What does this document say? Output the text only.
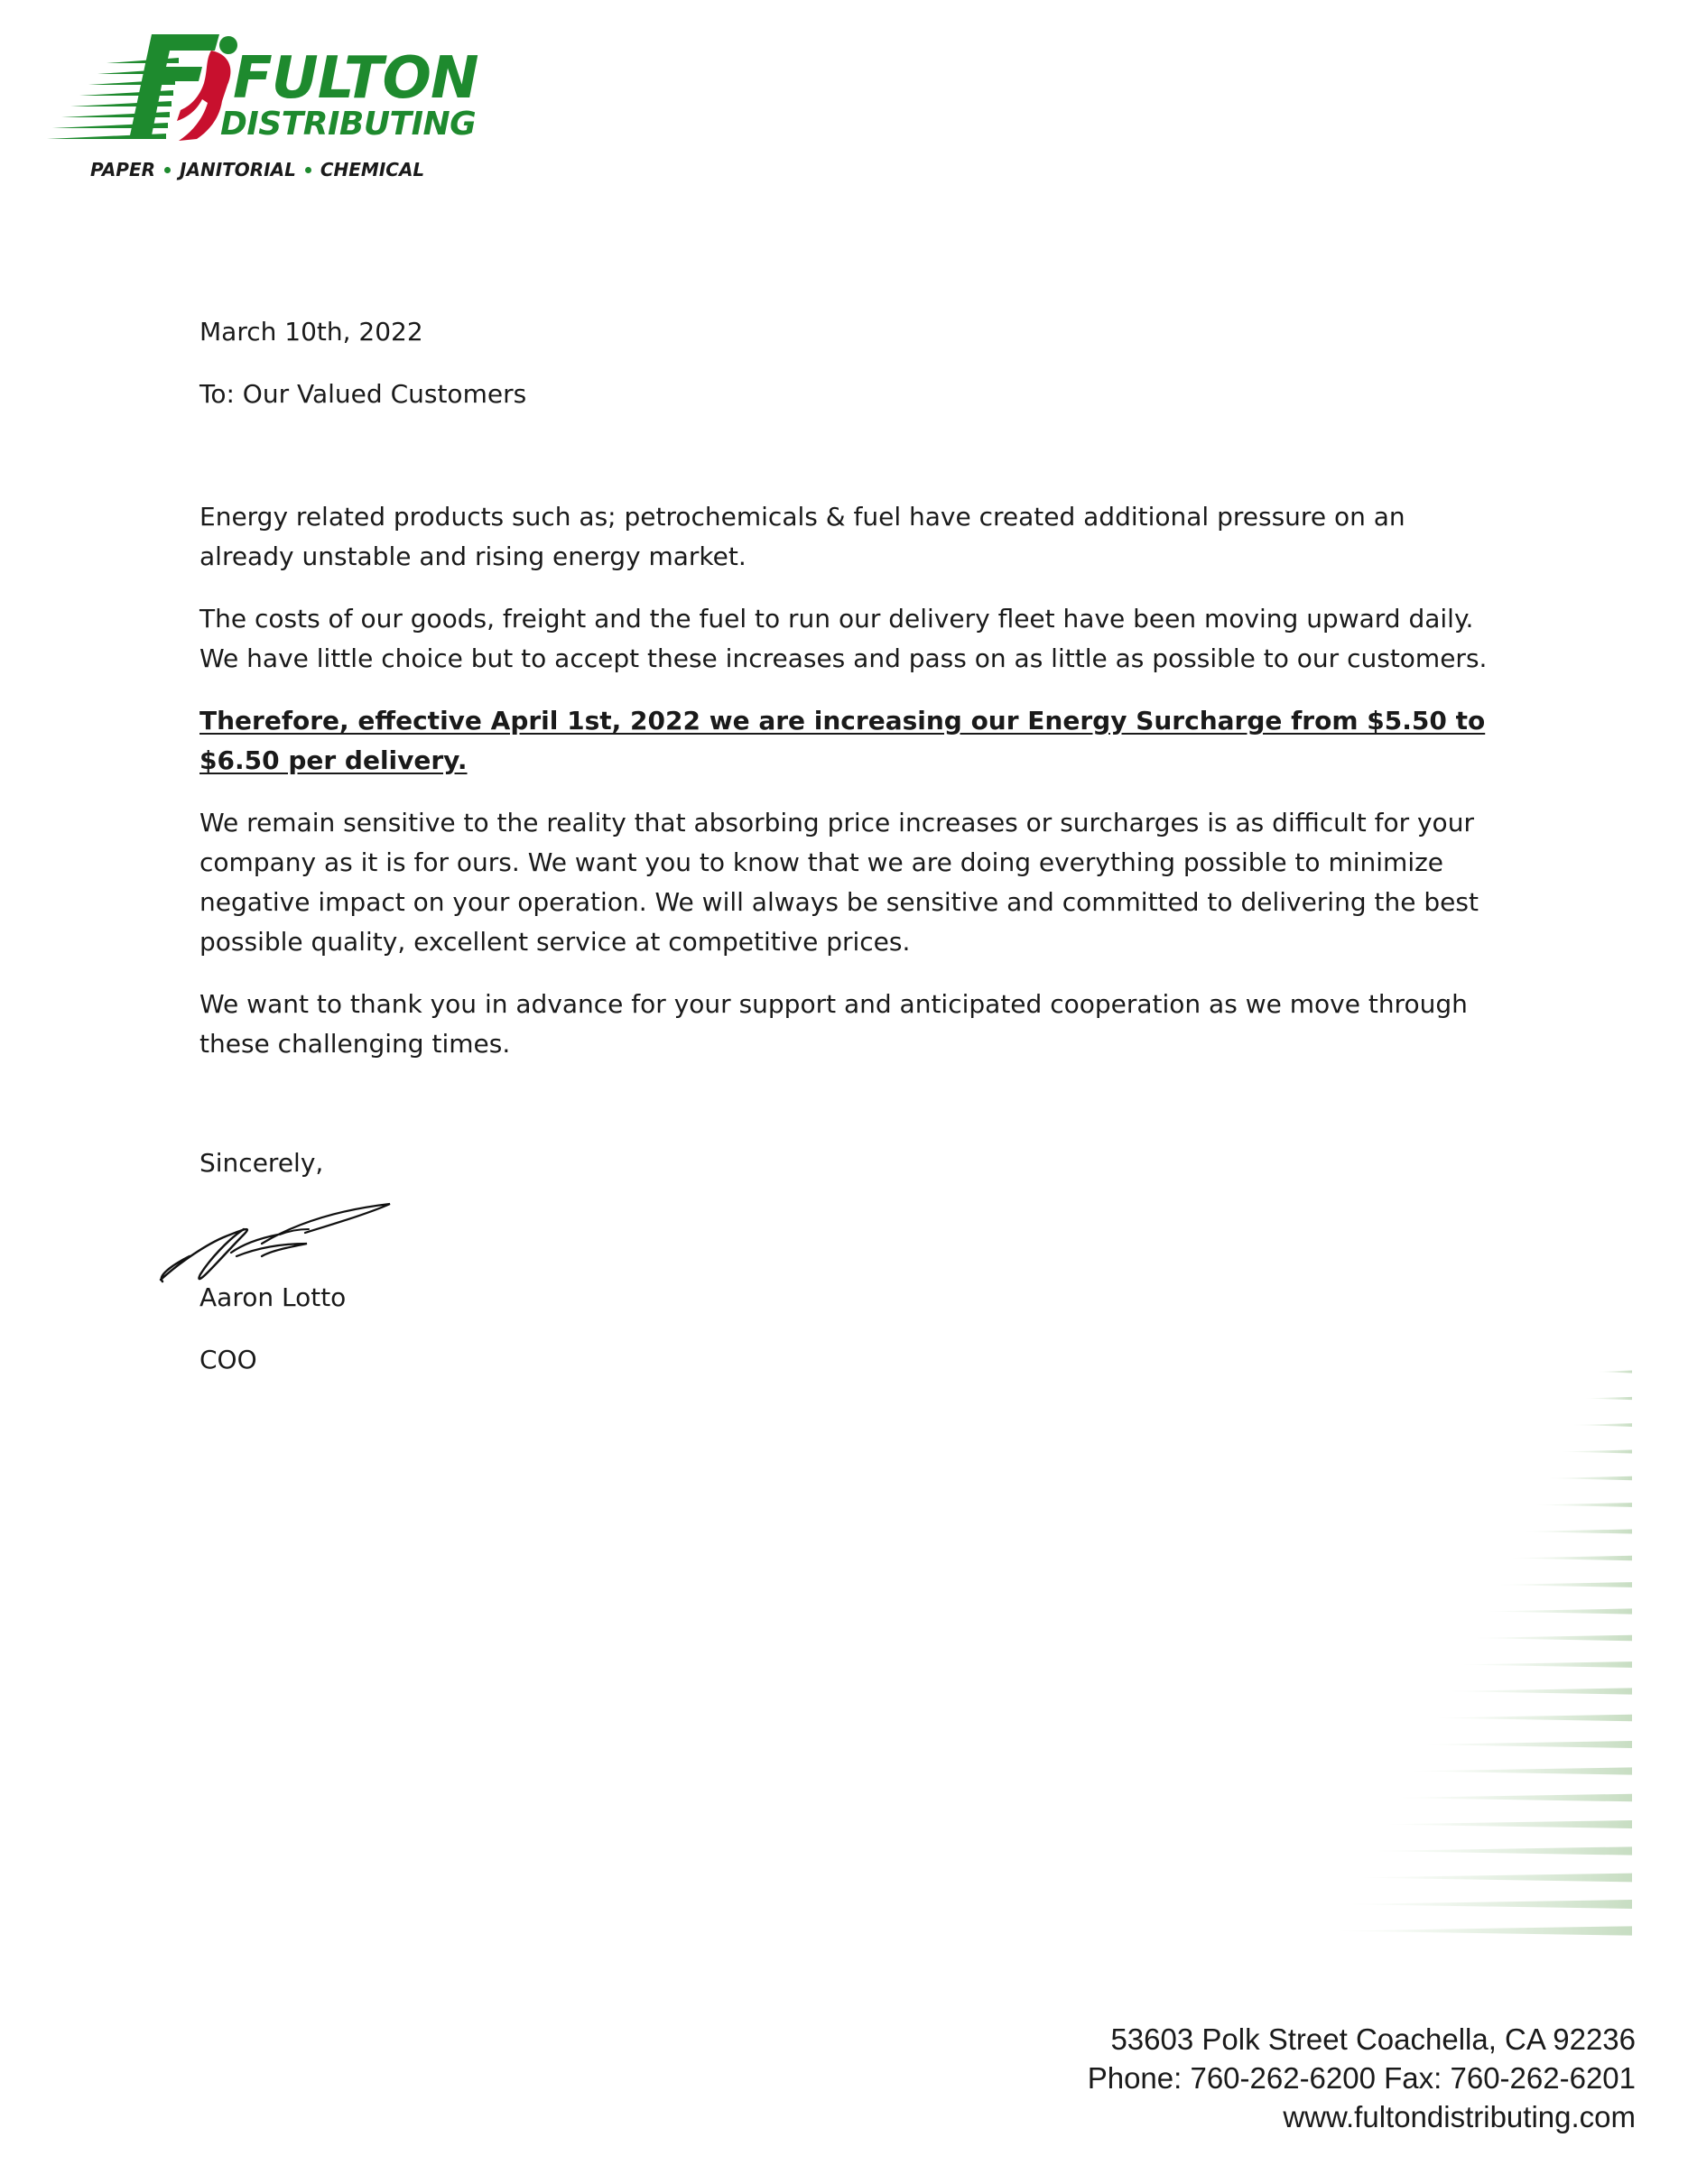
FULTON
DISTRIBUTING
PAPER JANITORIAL CHEMICAL

March 10th, 2022

To: Our Valued Customers

Energy related products such as; petrochemicals & fuel have created additional pressure on an already unstable and rising energy market.

The costs of our goods, freight and the fuel to run our delivery fleet have been moving upward daily. We have little choice but to accept these increases and pass on as little as possible to our customers.

Therefore, effective April 1st, 2022 we are increasing our Energy Surcharge from $5.50 to $6.50 per delivery.

We remain sensitive to the reality that absorbing price increases or surcharges is as difficult for your company as it is for ours. We want you to know that we are doing everything possible to minimize negative impact on your operation. We will always be sensitive and committed to delivering the best possible quality, excellent service at competitive prices.

We want to thank you in advance for your support and anticipated cooperation as we move through these challenging times.

Sincerely,

Aaron Lotto
COO
53603 Polk Street Coachella, CA 92236
Phone: 760-262-6200 Fax: 760-262-6201
www.fultondistributing.com
